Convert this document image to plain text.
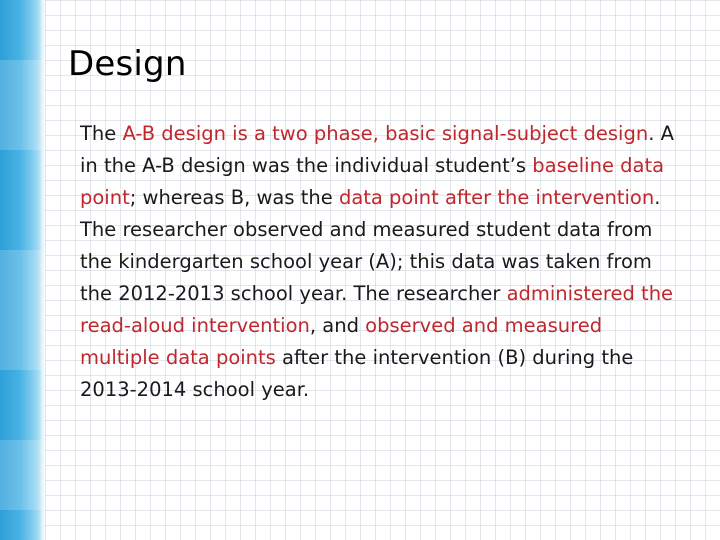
Design

The A-B design is a two phase, basic signal-subject design. A in the A-B design was the individual student’s baseline data point; whereas B, was the data point after the intervention. The researcher observed and measured student data from the kindergarten school year (A); this data was taken from the 2012-2013 school year. The researcher administered the read-aloud intervention, and observed and measured multiple data points after the intervention (B) during the 2013-2014 school year.
